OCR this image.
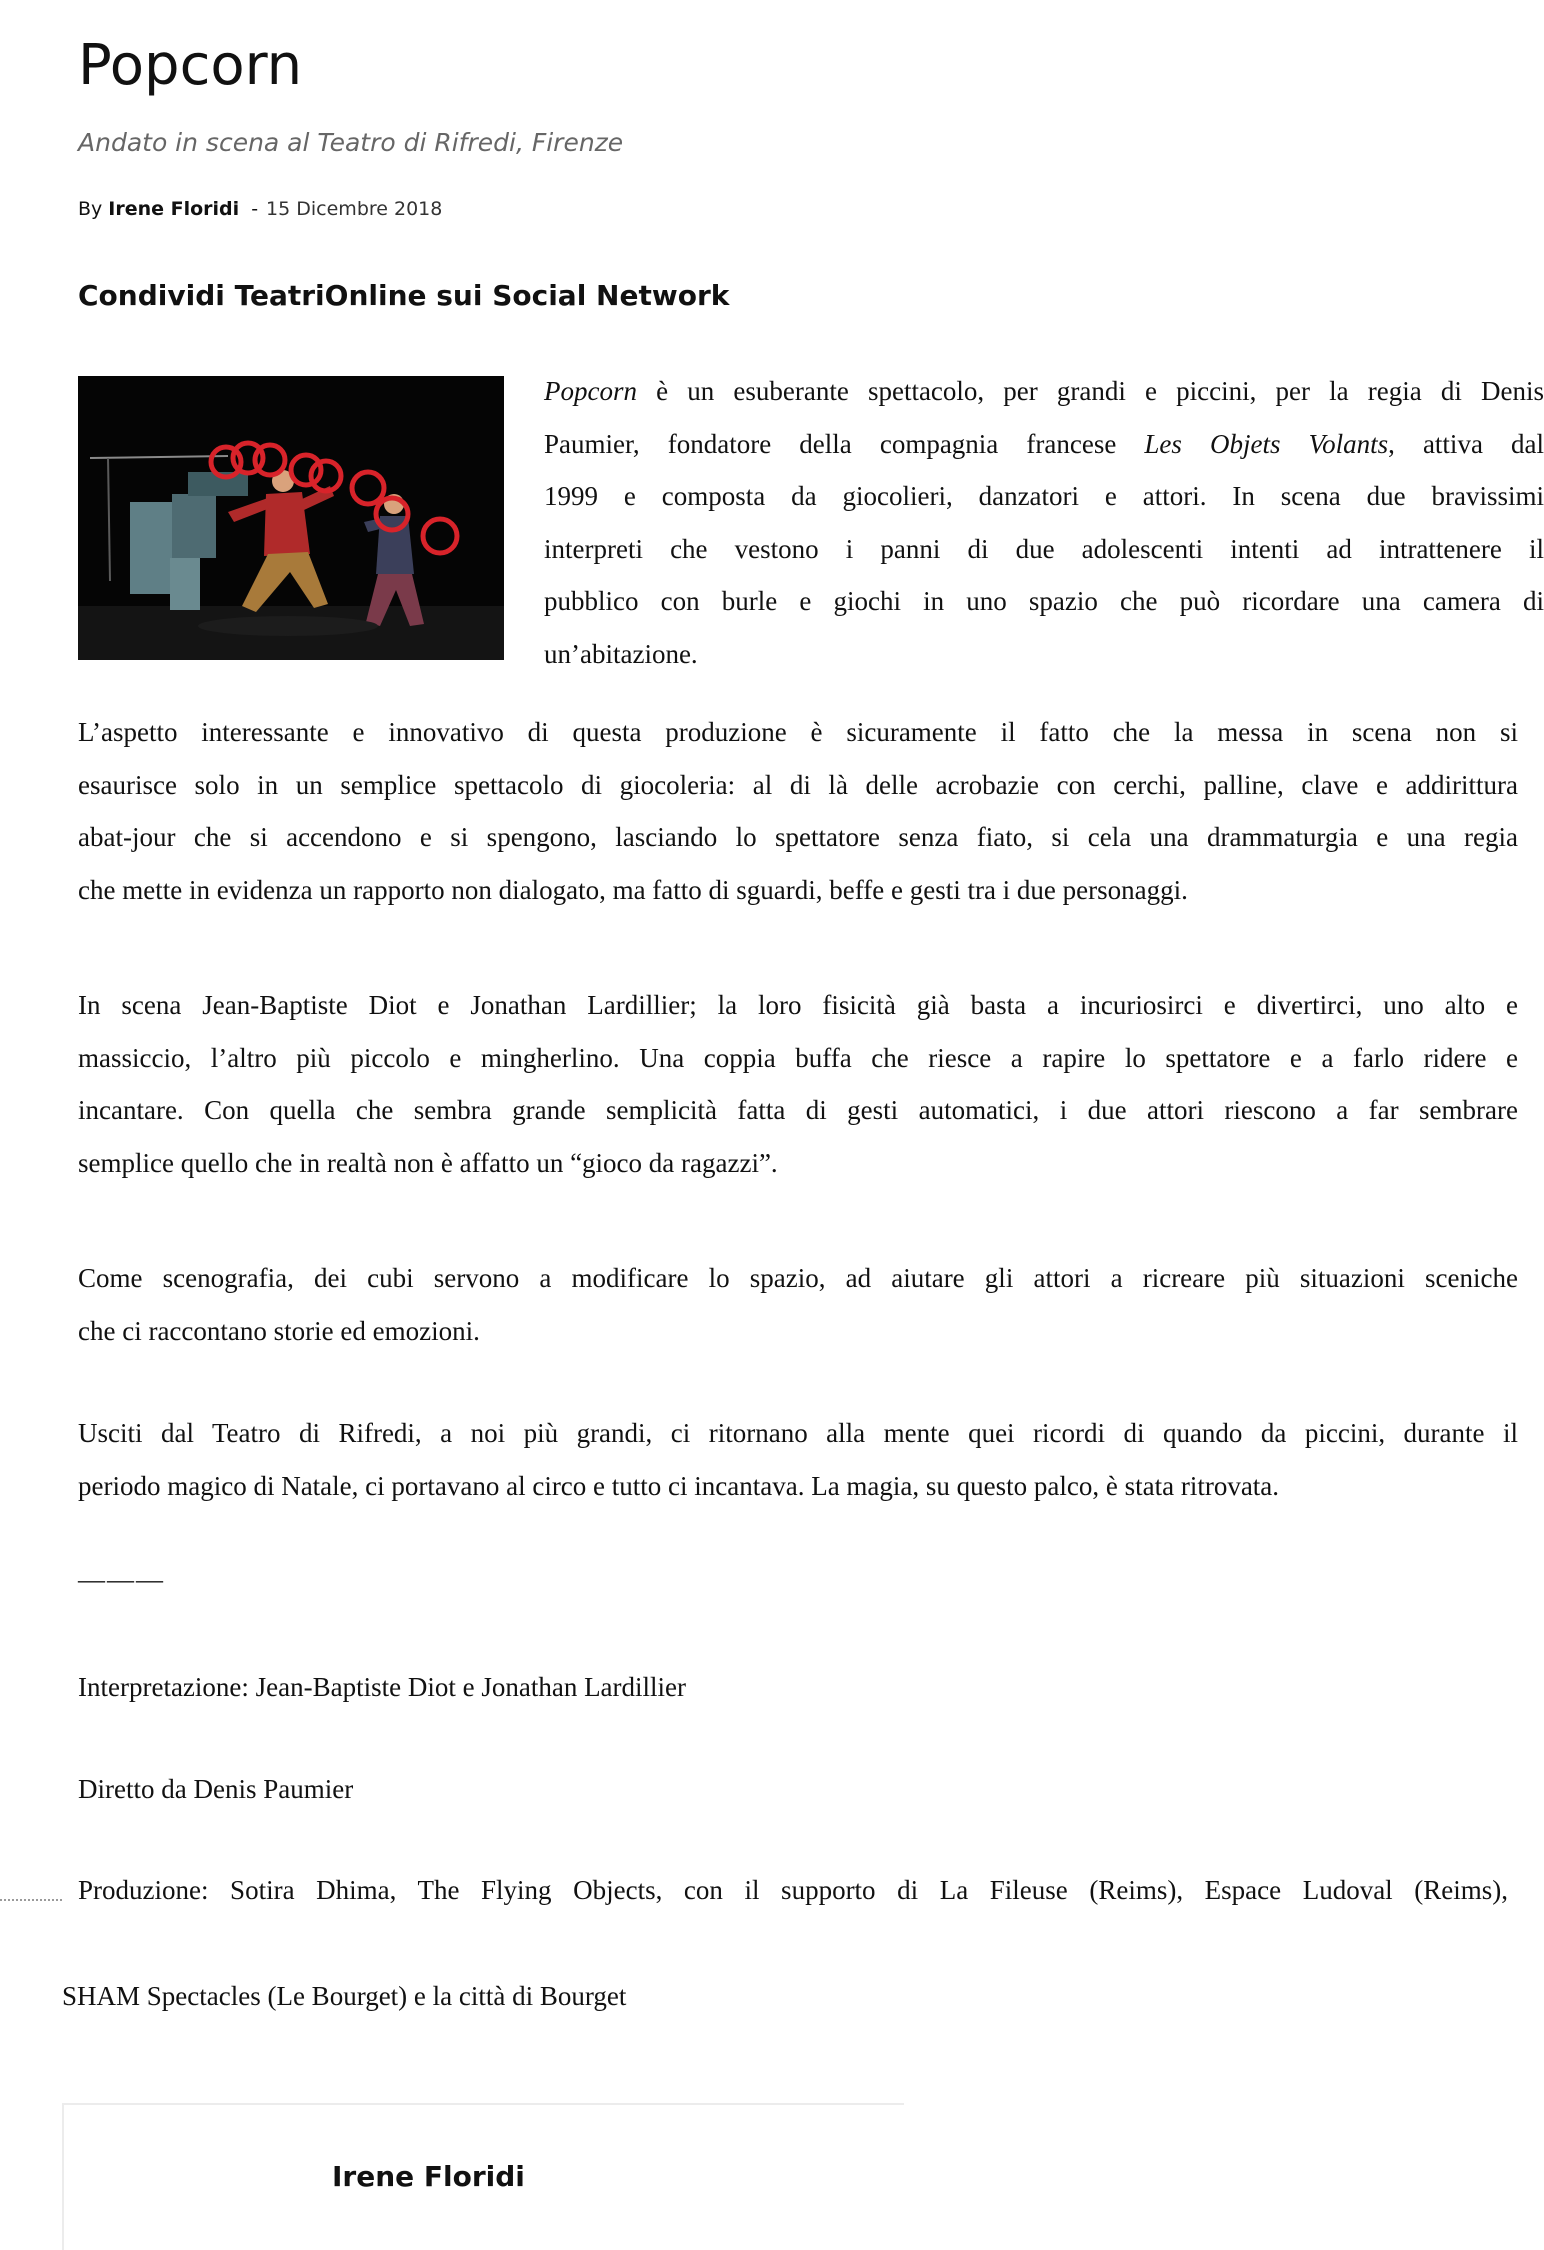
Popcorn
Andato in scena al Teatro di Rifredi, Firenze
By Irene Floridi - 15 Dicembre 2018
Condividi TeatriOnline sui Social Network

Popcorn è un esuberante spettacolo, per grandi e piccini, per la regia di Denis
Paumier, fondatore della compagnia francese Les Objets Volants, attiva dal
1999 e composta da giocolieri, danzatori e attori. In scena due bravissimi
interpreti che vestono i panni di due adolescenti intenti ad intrattenere il
pubblico con burle e giochi in uno spazio che può ricordare una camera di
un’abitazione.

L’aspetto interessante e innovativo di questa produzione è sicuramente il fatto che la messa in scena non si
esaurisce solo in un semplice spettacolo di giocoleria: al di là delle acrobazie con cerchi, palline, clave e addirittura
abat-jour che si accendono e si spengono, lasciando lo spettatore senza fiato, si cela una drammaturgia e una regia
che mette in evidenza un rapporto non dialogato, ma fatto di sguardi, beffe e gesti tra i due personaggi.

In scena Jean-Baptiste Diot e Jonathan Lardillier; la loro fisicità già basta a incuriosirci e divertirci, uno alto e
massiccio, l’altro più piccolo e mingherlino. Una coppia buffa che riesce a rapire lo spettatore e a farlo ridere e
incantare. Con quella che sembra grande semplicità fatta di gesti automatici, i due attori riescono a far sembrare
semplice quello che in realtà non è affatto un “gioco da ragazzi”.

Come scenografia, dei cubi servono a modificare lo spazio, ad aiutare gli attori a ricreare più situazioni sceniche
che ci raccontano storie ed emozioni.

Usciti dal Teatro di Rifredi, a noi più grandi, ci ritornano alla mente quei ricordi di quando da piccini, durante il
periodo magico di Natale, ci portavano al circo e tutto ci incantava. La magia, su questo palco, è stata ritrovata.

———

Interpretazione: Jean-Baptiste Diot e Jonathan Lardillier

Diretto da Denis Paumier

Produzione: Sotira Dhima, The Flying Objects, con il supporto di La Fileuse (Reims), Espace Ludoval (Reims),

SHAM Spectacles (Le Bourget) e la città di Bourget
Irene Floridi
